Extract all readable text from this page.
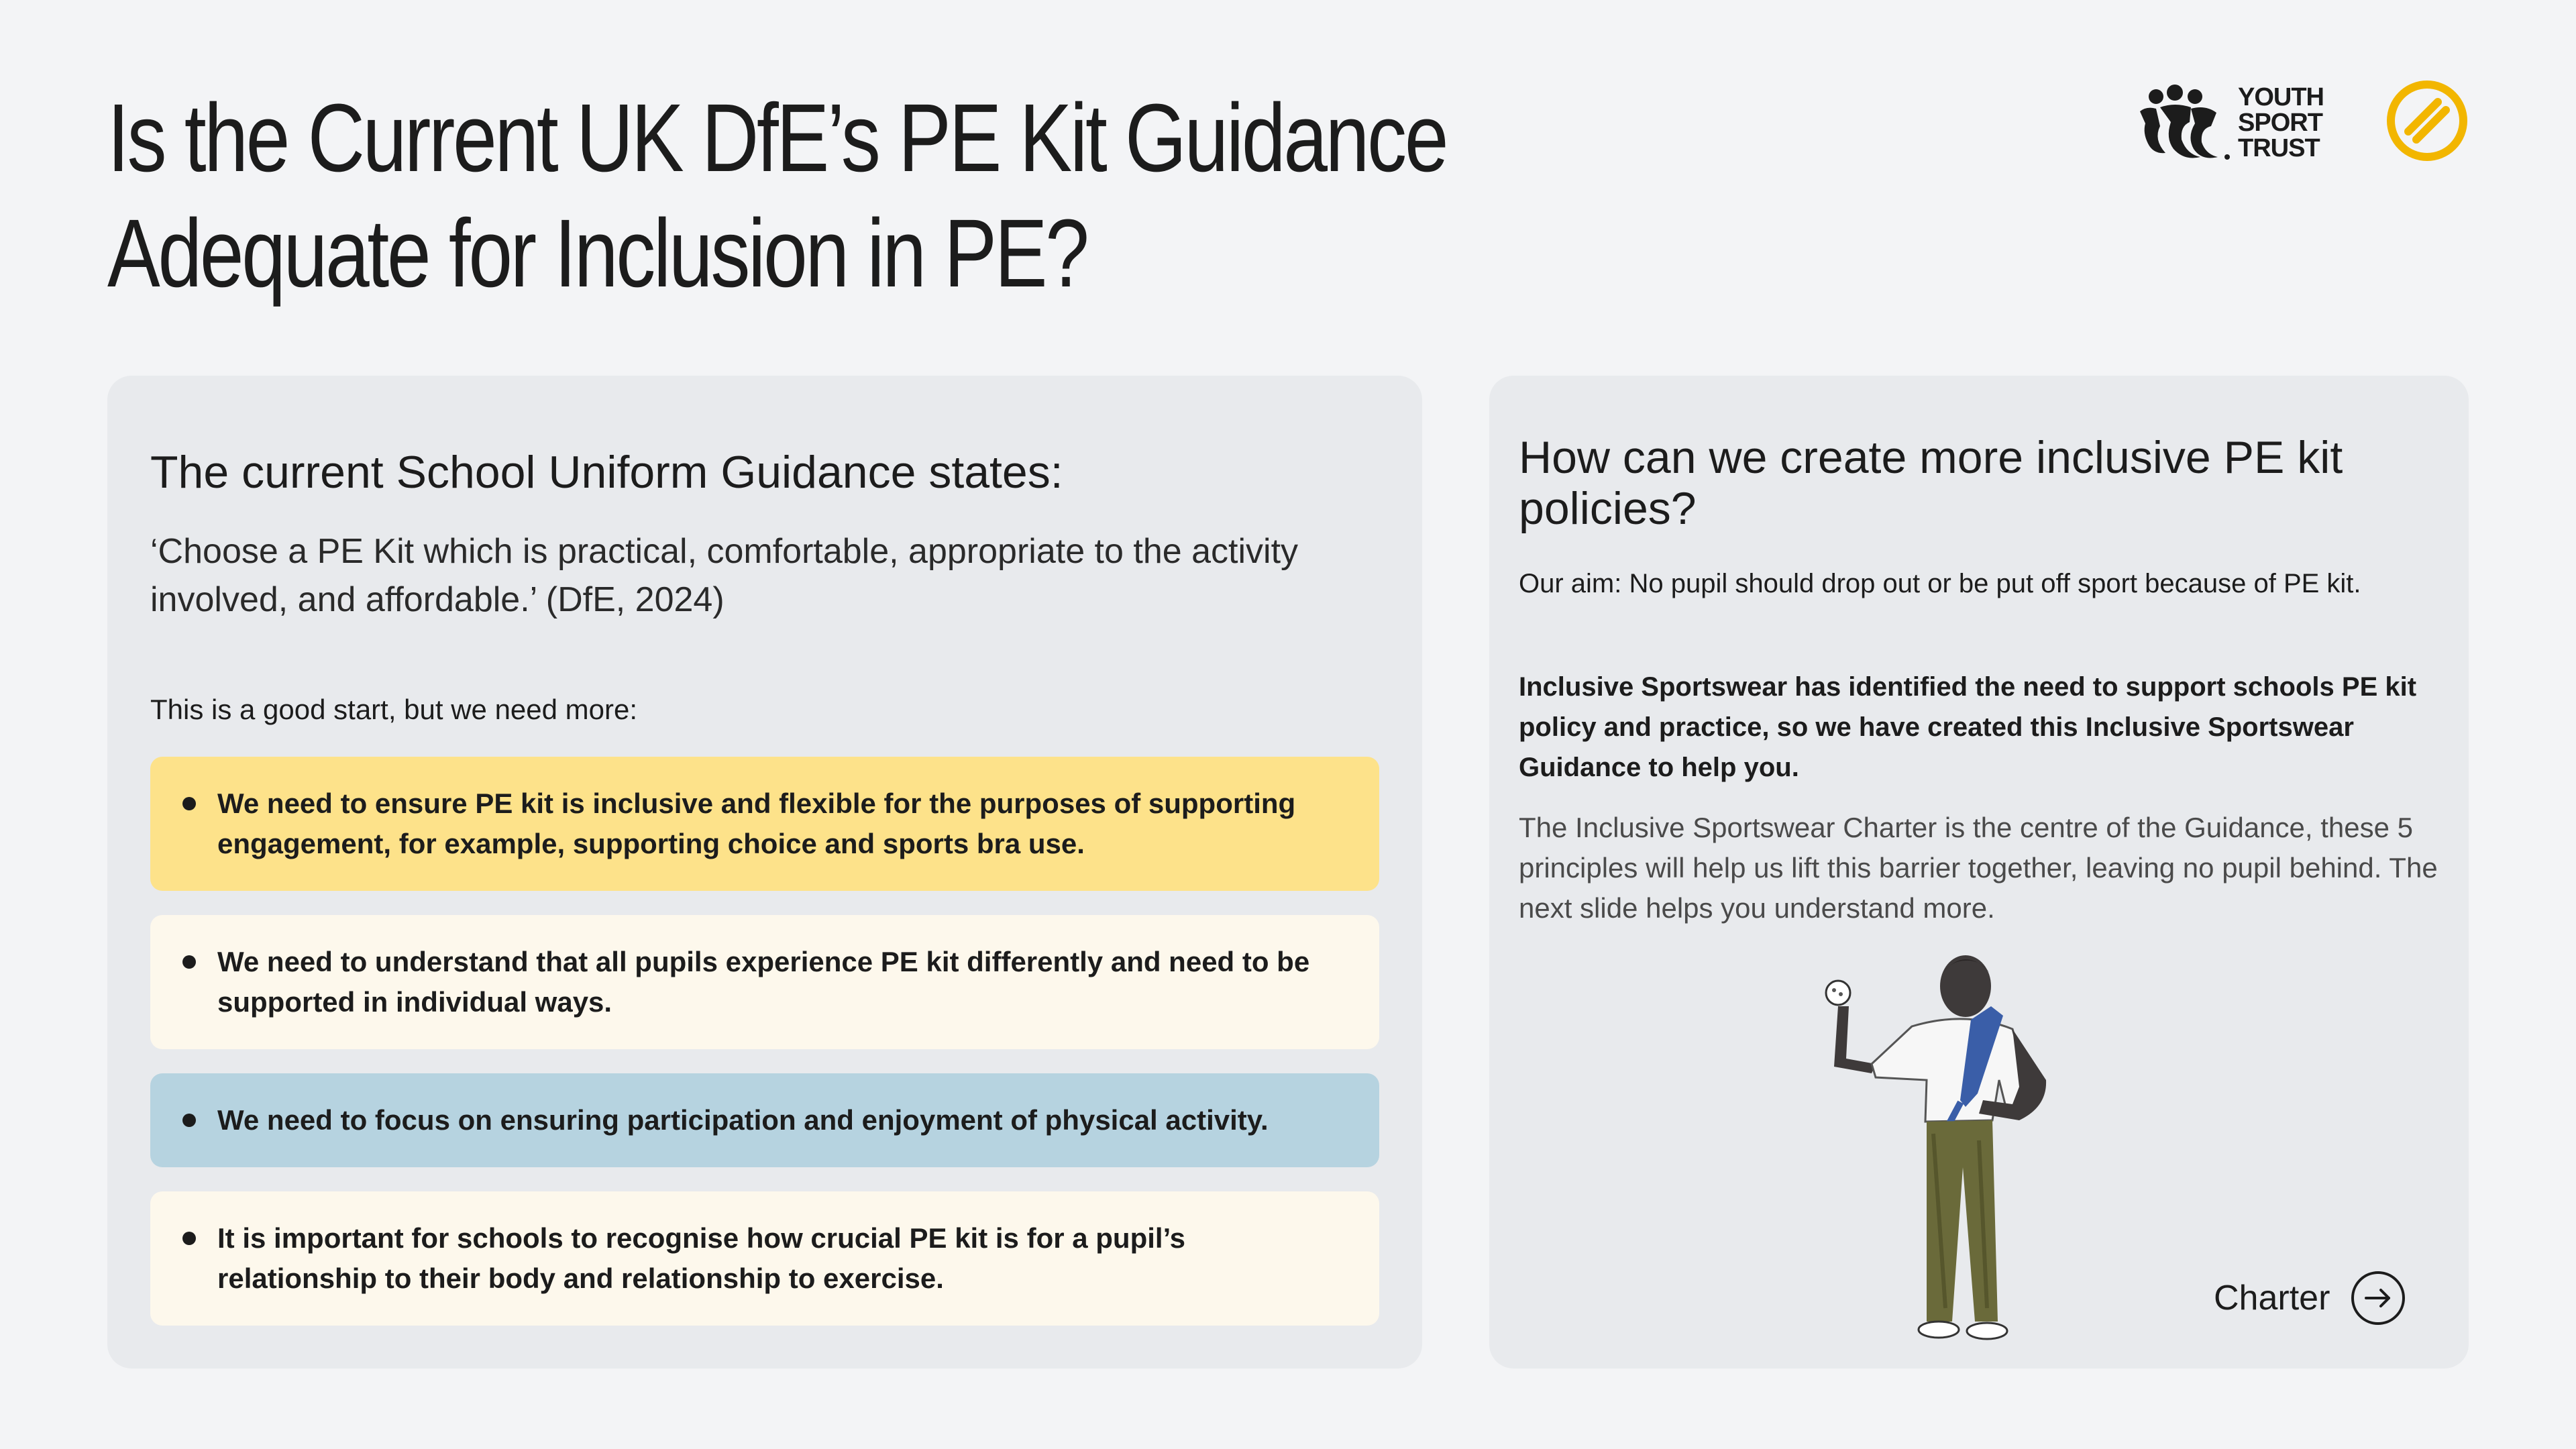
Is the Current UK DfE’s PE Kit Guidance Adequate for Inclusion in PE?
YOUTH
SPORT
TRUST
The current School Uniform Guidance states:
‘Choose a PE Kit which is practical, comfortable, appropriate to the activity involved, and affordable.’ (DfE, 2024)
This is a good start, but we need more:
We need to ensure PE kit is inclusive and flexible for the purposes of supporting engagement, for example, supporting choice and sports bra use.
We need to understand that all pupils experience PE kit differently and need to be supported in individual ways.
We need to focus on ensuring participation and enjoyment of physical activity.
It is important for schools to recognise how crucial PE kit is for a pupil’s relationship to their body and relationship to exercise.
How can we create more inclusive PE kit policies?
Our aim: No pupil should drop out or be put off sport because of PE kit.
Inclusive Sportswear has identified the need to support schools PE kit policy and practice, so we have created this Inclusive Sportswear Guidance to help you.
The Inclusive Sportswear Charter is the centre of the Guidance, these 5 principles will help us lift this barrier together, leaving no pupil behind. The next slide helps you understand more.
Charter
